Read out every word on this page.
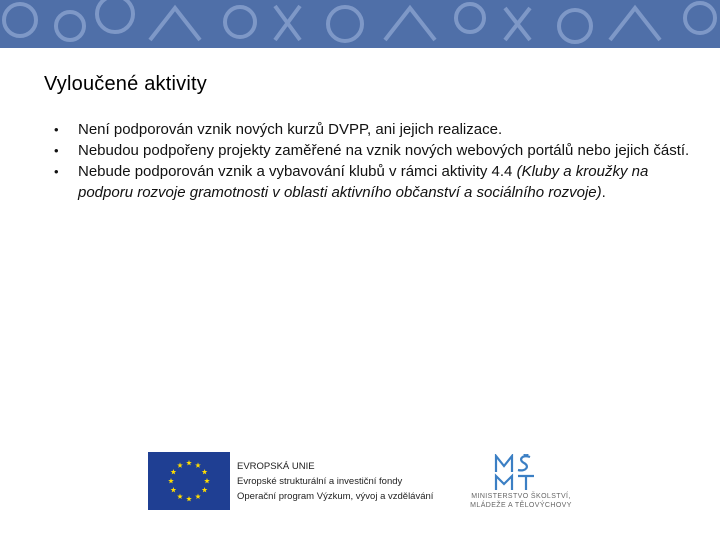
Vyloučené aktivity
• Není podporován vznik nových kurzů DVPP, ani jejich realizace.
• Nebudou podpořeny projekty zaměřené na vznik nových webových portálů nebo jejich částí.
• Nebude podporován vznik a vybavování klubů v rámci aktivity 4.4 (Kluby a kroužky na podporu rozvoje gramotnosti v oblasti aktivního občanství a sociálního rozvoje).
EVROPSKÁ UNIE
Evropské strukturální a investiční fondy
Operační program Výzkum, vývoj a vzdělávání	MINISTERSTVO ŠKOLSTVÍ,
MLÁDEŽE A TĚLOVÝCHOVY
